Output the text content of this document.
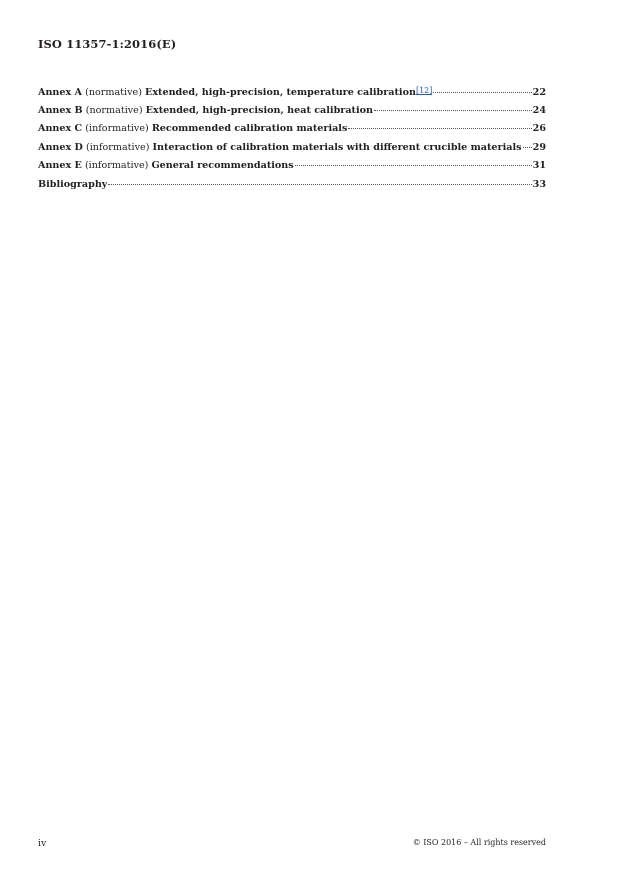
ISO 11357-1:2016(E)
Annex A (normative) Extended, high-precision, temperature calibration[12]	22
Annex B (normative) Extended, high-precision, heat calibration	24
Annex C (informative) Recommended calibration materials	26
Annex D (informative) Interaction of calibration materials with different crucible materials 29
Annex E (informative) General recommendations	31
Bibliography	33
iv	© ISO 2016 – All rights reserved
